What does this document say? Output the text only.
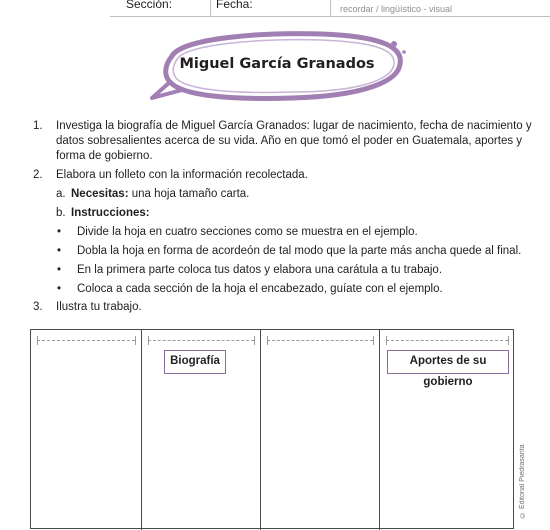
Sección:	Fecha:	recordar / lingüístico - visual
Miguel García Granados
1. Investiga la biografía de Miguel García Granados: lugar de nacimiento, fecha de nacimiento y
datos sobresalientes acerca de su vida. Año en que tomó el poder en Guatemala, aportes y
forma de gobierno.
2. Elabora un folleto con la información recolectada.
a. Necesitas: una hoja tamaño carta.
b. Instrucciones:
• Divide la hoja en cuatro secciones como se muestra en el ejemplo.
• Dobla la hoja en forma de acordeón de tal modo que la parte más ancha quede al final.
• En la primera parte coloca tus datos y elabora una carátula a tu trabajo.
• Coloca a cada sección de la hoja el encabezado, guíate con el ejemplo.
3. Ilustra tu trabajo.
Biografía	Aportes de su gobierno
© Editorial Piedrasanta
